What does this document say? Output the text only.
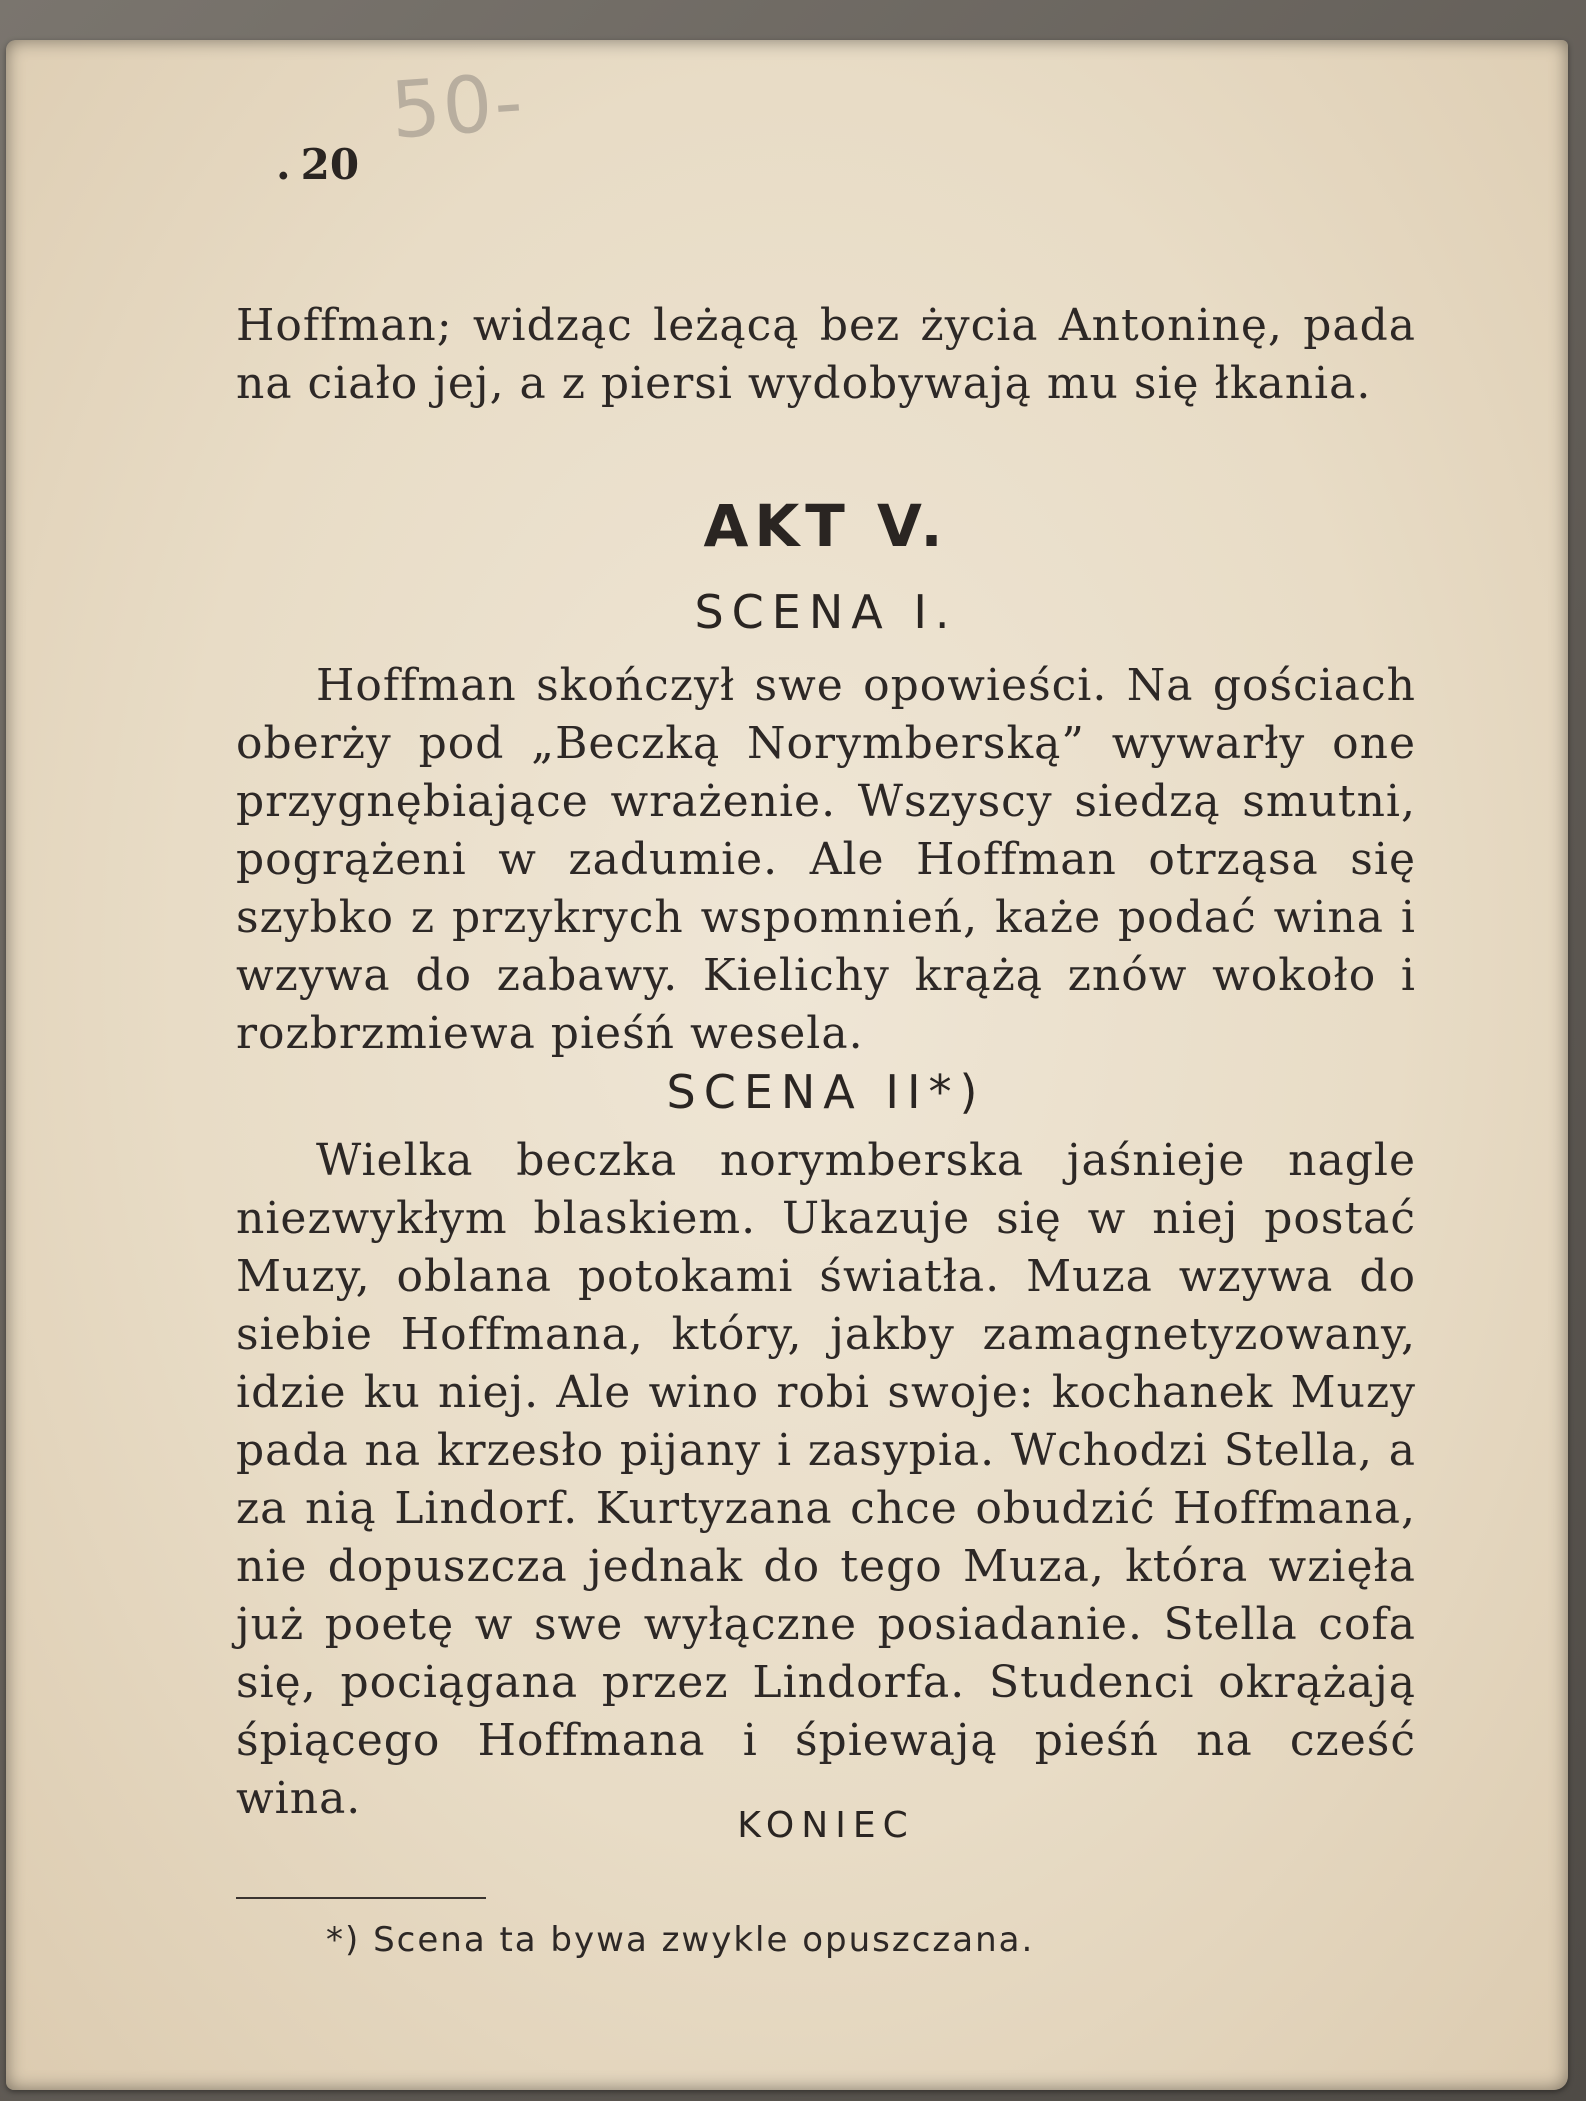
50-
. 20
Hoffman; widząc leżącą bez życia Antoninę, pada na ciało jej, a z piersi wydobywają mu się łkania.
AKT V.
SCENA I.
Hoffman skończył swe opowieści. Na gościach oberży pod „Beczką Norymberską” wywarły one przygnębiające wrażenie. Wszyscy siedzą smutni, pogrążeni w zadumie. Ale Hoffman otrząsa się szybko z przykrych wspomnień, każe podać wina i wzywa do zabawy. Kielichy krążą znów wokoło i rozbrzmiewa pieśń wesela.
SCENA II*)
Wielka beczka norymberska jaśnieje nagle niezwykłym blaskiem. Ukazuje się w niej postać Muzy, oblana potokami światła. Muza wzywa do siebie Hoffmana, który, jakby zamagnetyzowany, idzie ku niej. Ale wino robi swoje: kochanek Muzy pada na krzesło pijany i zasypia. Wchodzi Stella, a za nią Lindorf. Kurtyzana chce obudzić Hoffmana, nie dopuszcza jednak do tego Muza, która wzięła już poetę w swe wyłączne posiadanie. Stella cofa się, pociągana przez Lindorfa. Studenci okrążają śpiącego Hoffmana i śpiewają pieśń na cześć wina.
KONIEC
*) Scena ta bywa zwykle opuszczana.
